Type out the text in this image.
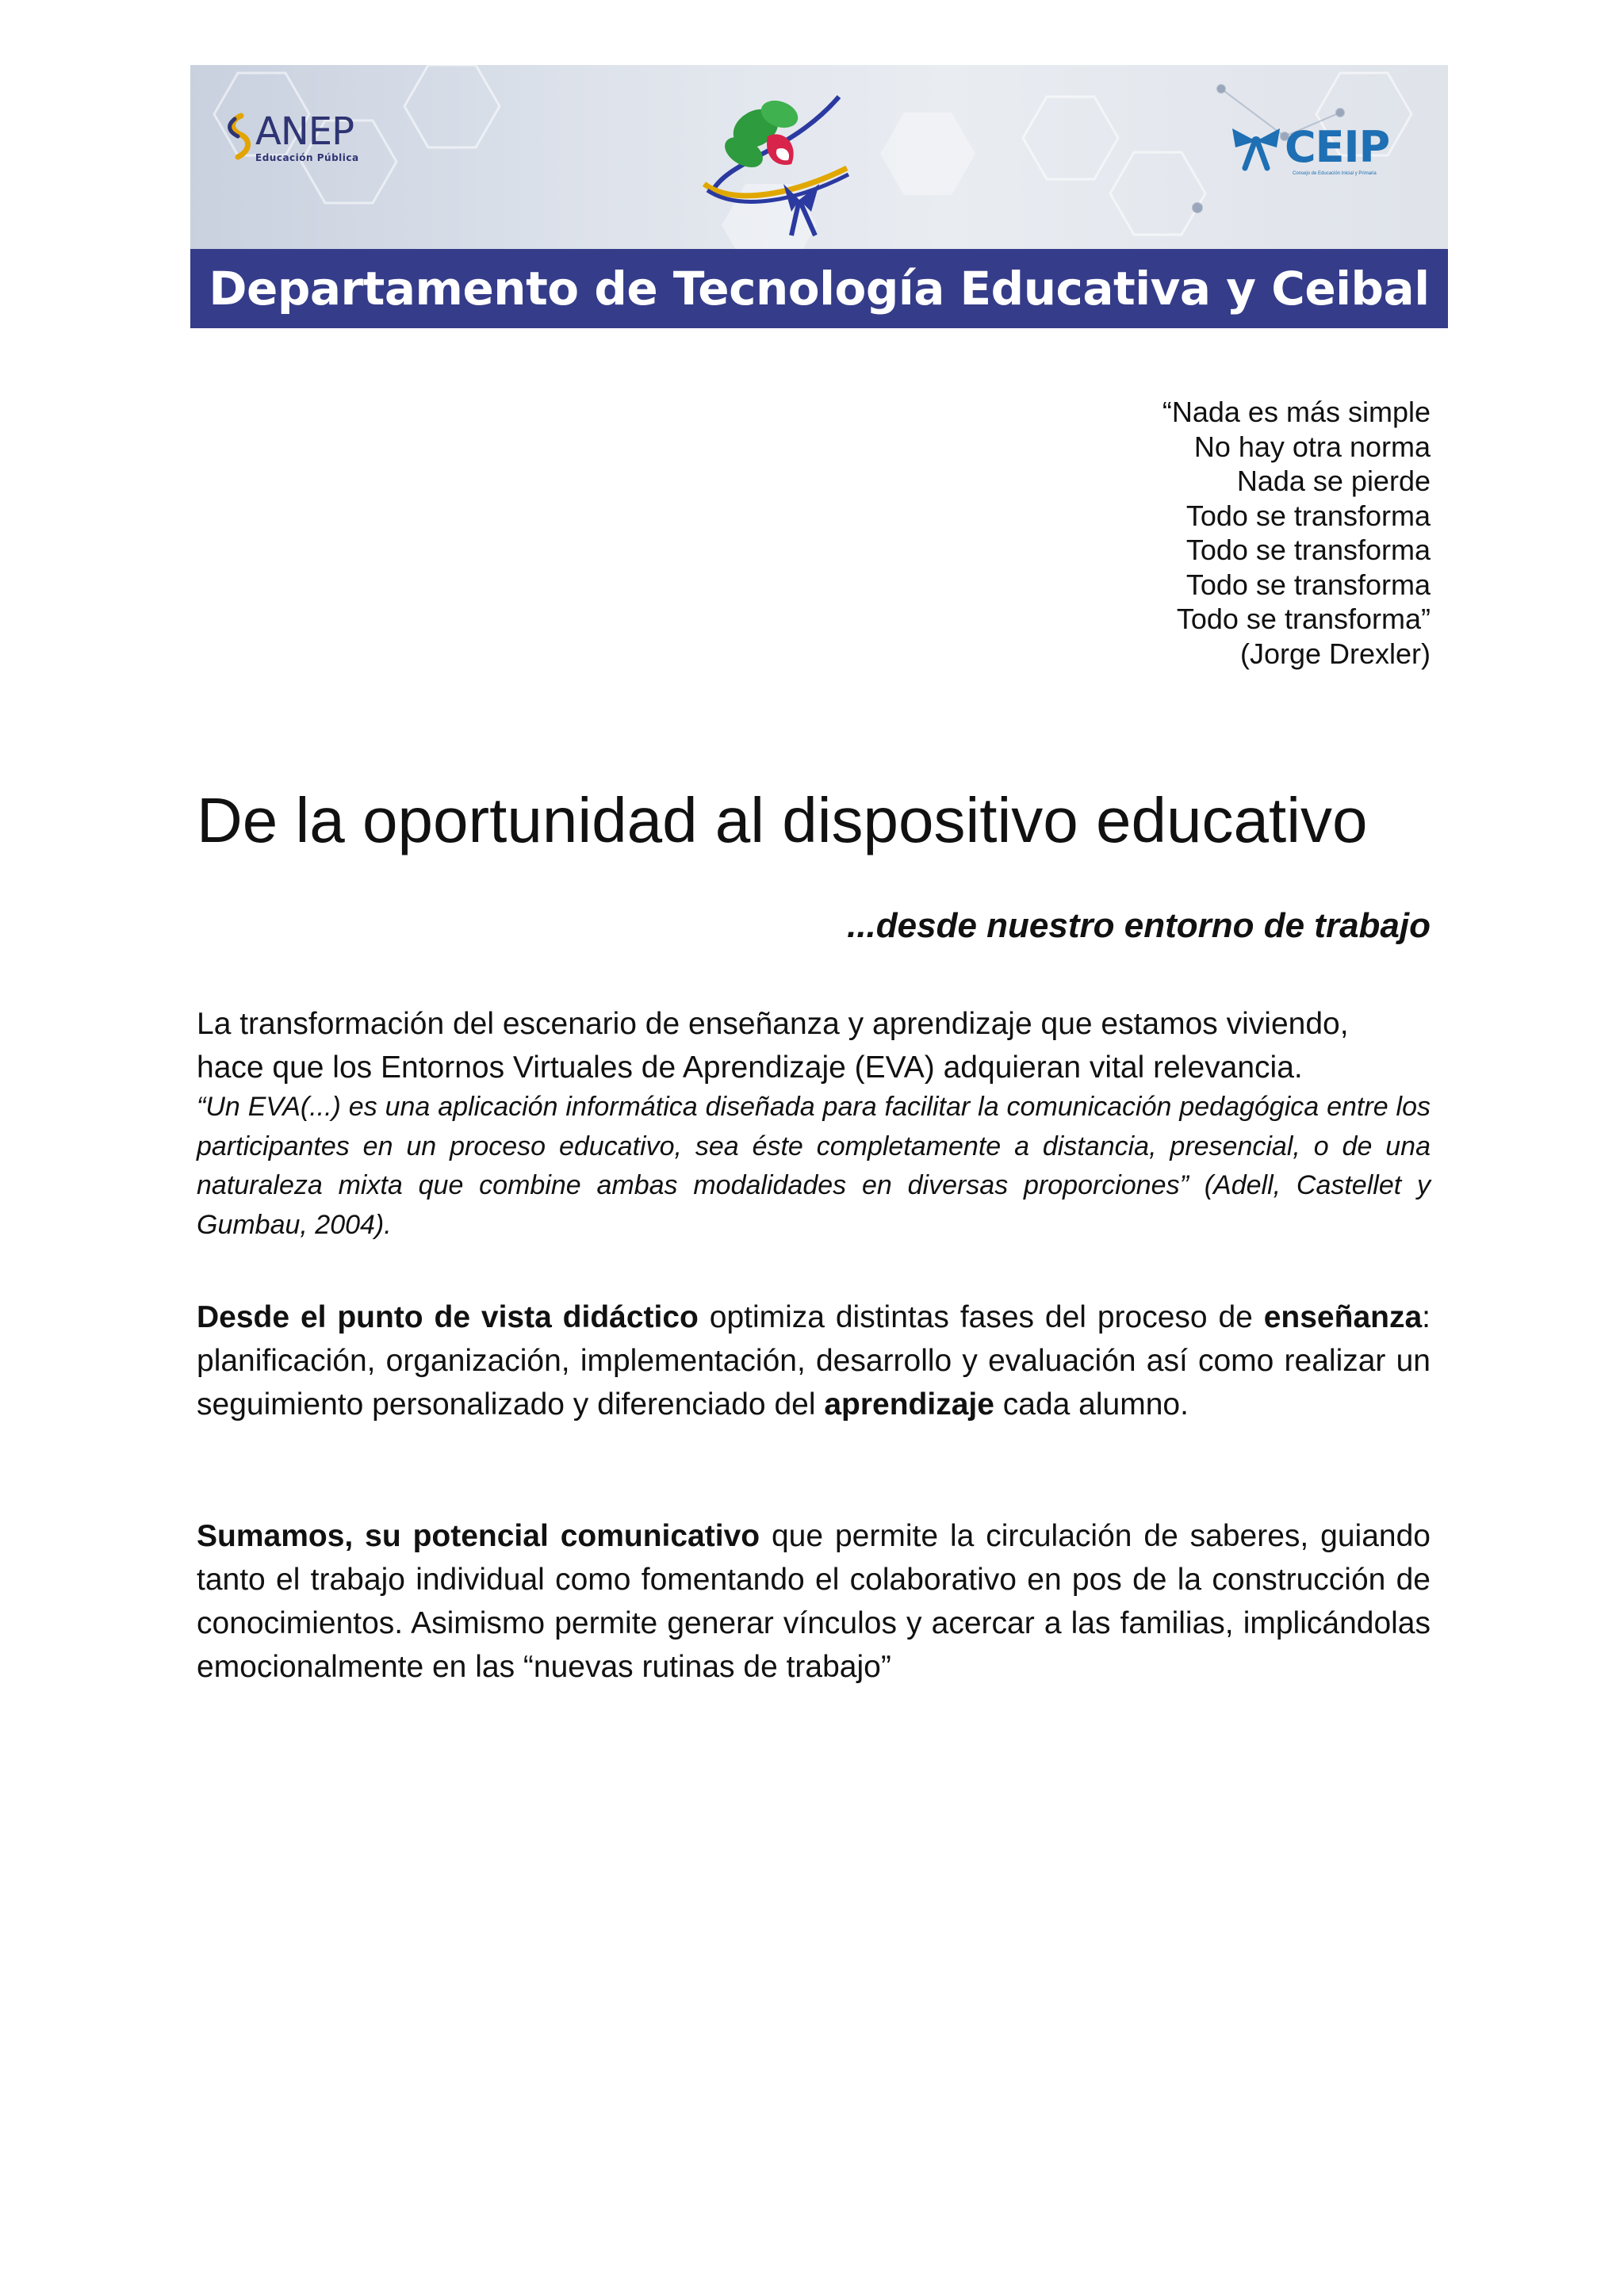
ANEP
Educación Pública	CEIP
Consejo de Educación Inicial y Primaria
Departamento de Tecnología Educativa y Ceibal
“Nada es más simple
No hay otra norma
Nada se pierde
Todo se transforma
Todo se transforma
Todo se transforma
Todo se transforma”
(Jorge Drexler)
De la oportunidad al dispositivo educativo
...desde nuestro entorno de trabajo
La transformación del escenario de enseñanza y aprendizaje que estamos viviendo,
hace que los Entornos Virtuales de Aprendizaje (EVA) adquieran vital relevancia.
“Un EVA(...) es una aplicación informática diseñada para facilitar la comunicación pedagógica entre los participantes en un proceso educativo, sea éste completamente a distancia, presencial, o de una naturaleza mixta que combine ambas modalidades en diversas proporciones” (Adell, Castellet y Gumbau, 2004).
Desde el punto de vista didáctico optimiza distintas fases del proceso de enseñanza: planificación, organización, implementación, desarrollo y evaluación así como realizar un seguimiento personalizado y diferenciado del aprendizaje cada alumno.
Sumamos, su potencial comunicativo que permite la circulación de saberes, guiando tanto el trabajo individual como fomentando el colaborativo en pos de la construcción de conocimientos. Asimismo permite generar vínculos y acercar a las familias, implicándolas emocionalmente en las “nuevas rutinas de trabajo”
